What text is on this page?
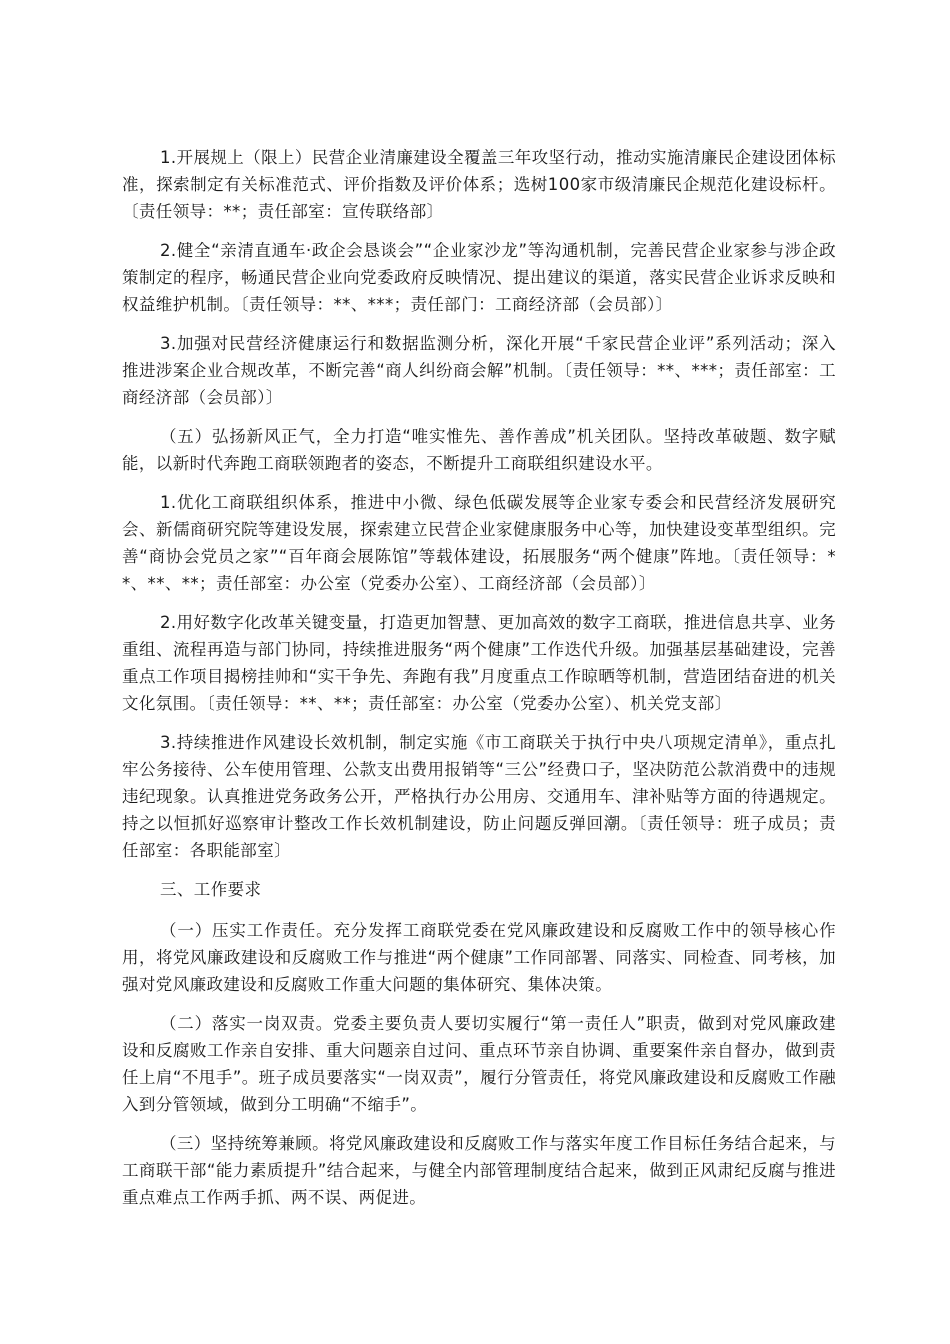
1.开展规上（限上）民营企业清廉建设全覆盖三年攻坚行动，推动实施清廉民企建设团体标准，探索制定有关标准范式、评价指数及评价体系；选树100家市级清廉民企规范化建设标杆。〔责任领导：**；责任部室：宣传联络部〕

2.健全“亲清直通车·政企会恳谈会”“企业家沙龙”等沟通机制，完善民营企业家参与涉企政策制定的程序，畅通民营企业向党委政府反映情况、提出建议的渠道，落实民营企业诉求反映和权益维护机制。〔责任领导：**、***；责任部门：工商经济部（会员部）〕

3.加强对民营经济健康运行和数据监测分析，深化开展“千家民营企业评”系列活动；深入推进涉案企业合规改革，不断完善“商人纠纷商会解”机制。〔责任领导：**、***；责任部室：工商经济部（会员部）〕

（五）弘扬新风正气，全力打造“唯实惟先、善作善成”机关团队。坚持改革破题、数字赋能，以新时代奔跑工商联领跑者的姿态，不断提升工商联组织建设水平。

1.优化工商联组织体系，推进中小微、绿色低碳发展等企业家专委会和民营经济发展研究会、新儒商研究院等建设发展，探索建立民营企业家健康服务中心等，加快建设变革型组织。完善“商协会党员之家”“百年商会展陈馆”等载体建设，拓展服务“两个健康”阵地。〔责任领导：**、**、**；责任部室：办公室（党委办公室）、工商经济部（会员部）〕

2.用好数字化改革关键变量，打造更加智慧、更加高效的数字工商联，推进信息共享、业务重组、流程再造与部门协同，持续推进服务“两个健康”工作迭代升级。加强基层基础建设，完善重点工作项目揭榜挂帅和“实干争先、奔跑有我”月度重点工作晾晒等机制，营造团结奋进的机关文化氛围。〔责任领导：**、**；责任部室：办公室（党委办公室）、机关党支部〕

3.持续推进作风建设长效机制，制定实施《市工商联关于执行中央八项规定清单》，重点扎牢公务接待、公车使用管理、公款支出费用报销等“三公”经费口子，坚决防范公款消费中的违规违纪现象。认真推进党务政务公开，严格执行办公用房、交通用车、津补贴等方面的待遇规定。持之以恒抓好巡察审计整改工作长效机制建设，防止问题反弹回潮。〔责任领导：班子成员；责任部室：各职能部室〕

三、工作要求

（一）压实工作责任。充分发挥工商联党委在党风廉政建设和反腐败工作中的领导核心作用，将党风廉政建设和反腐败工作与推进“两个健康”工作同部署、同落实、同检查、同考核，加强对党风廉政建设和反腐败工作重大问题的集体研究、集体决策。

（二）落实一岗双责。党委主要负责人要切实履行“第一责任人”职责，做到对党风廉政建设和反腐败工作亲自安排、重大问题亲自过问、重点环节亲自协调、重要案件亲自督办，做到责任上肩“不甩手”。班子成员要落实“一岗双责”，履行分管责任，将党风廉政建设和反腐败工作融入到分管领域，做到分工明确“不缩手”。

（三）坚持统筹兼顾。将党风廉政建设和反腐败工作与落实年度工作目标任务结合起来，与工商联干部“能力素质提升”结合起来，与健全内部管理制度结合起来，做到正风肃纪反腐与推进重点难点工作两手抓、两不误、两促进。
